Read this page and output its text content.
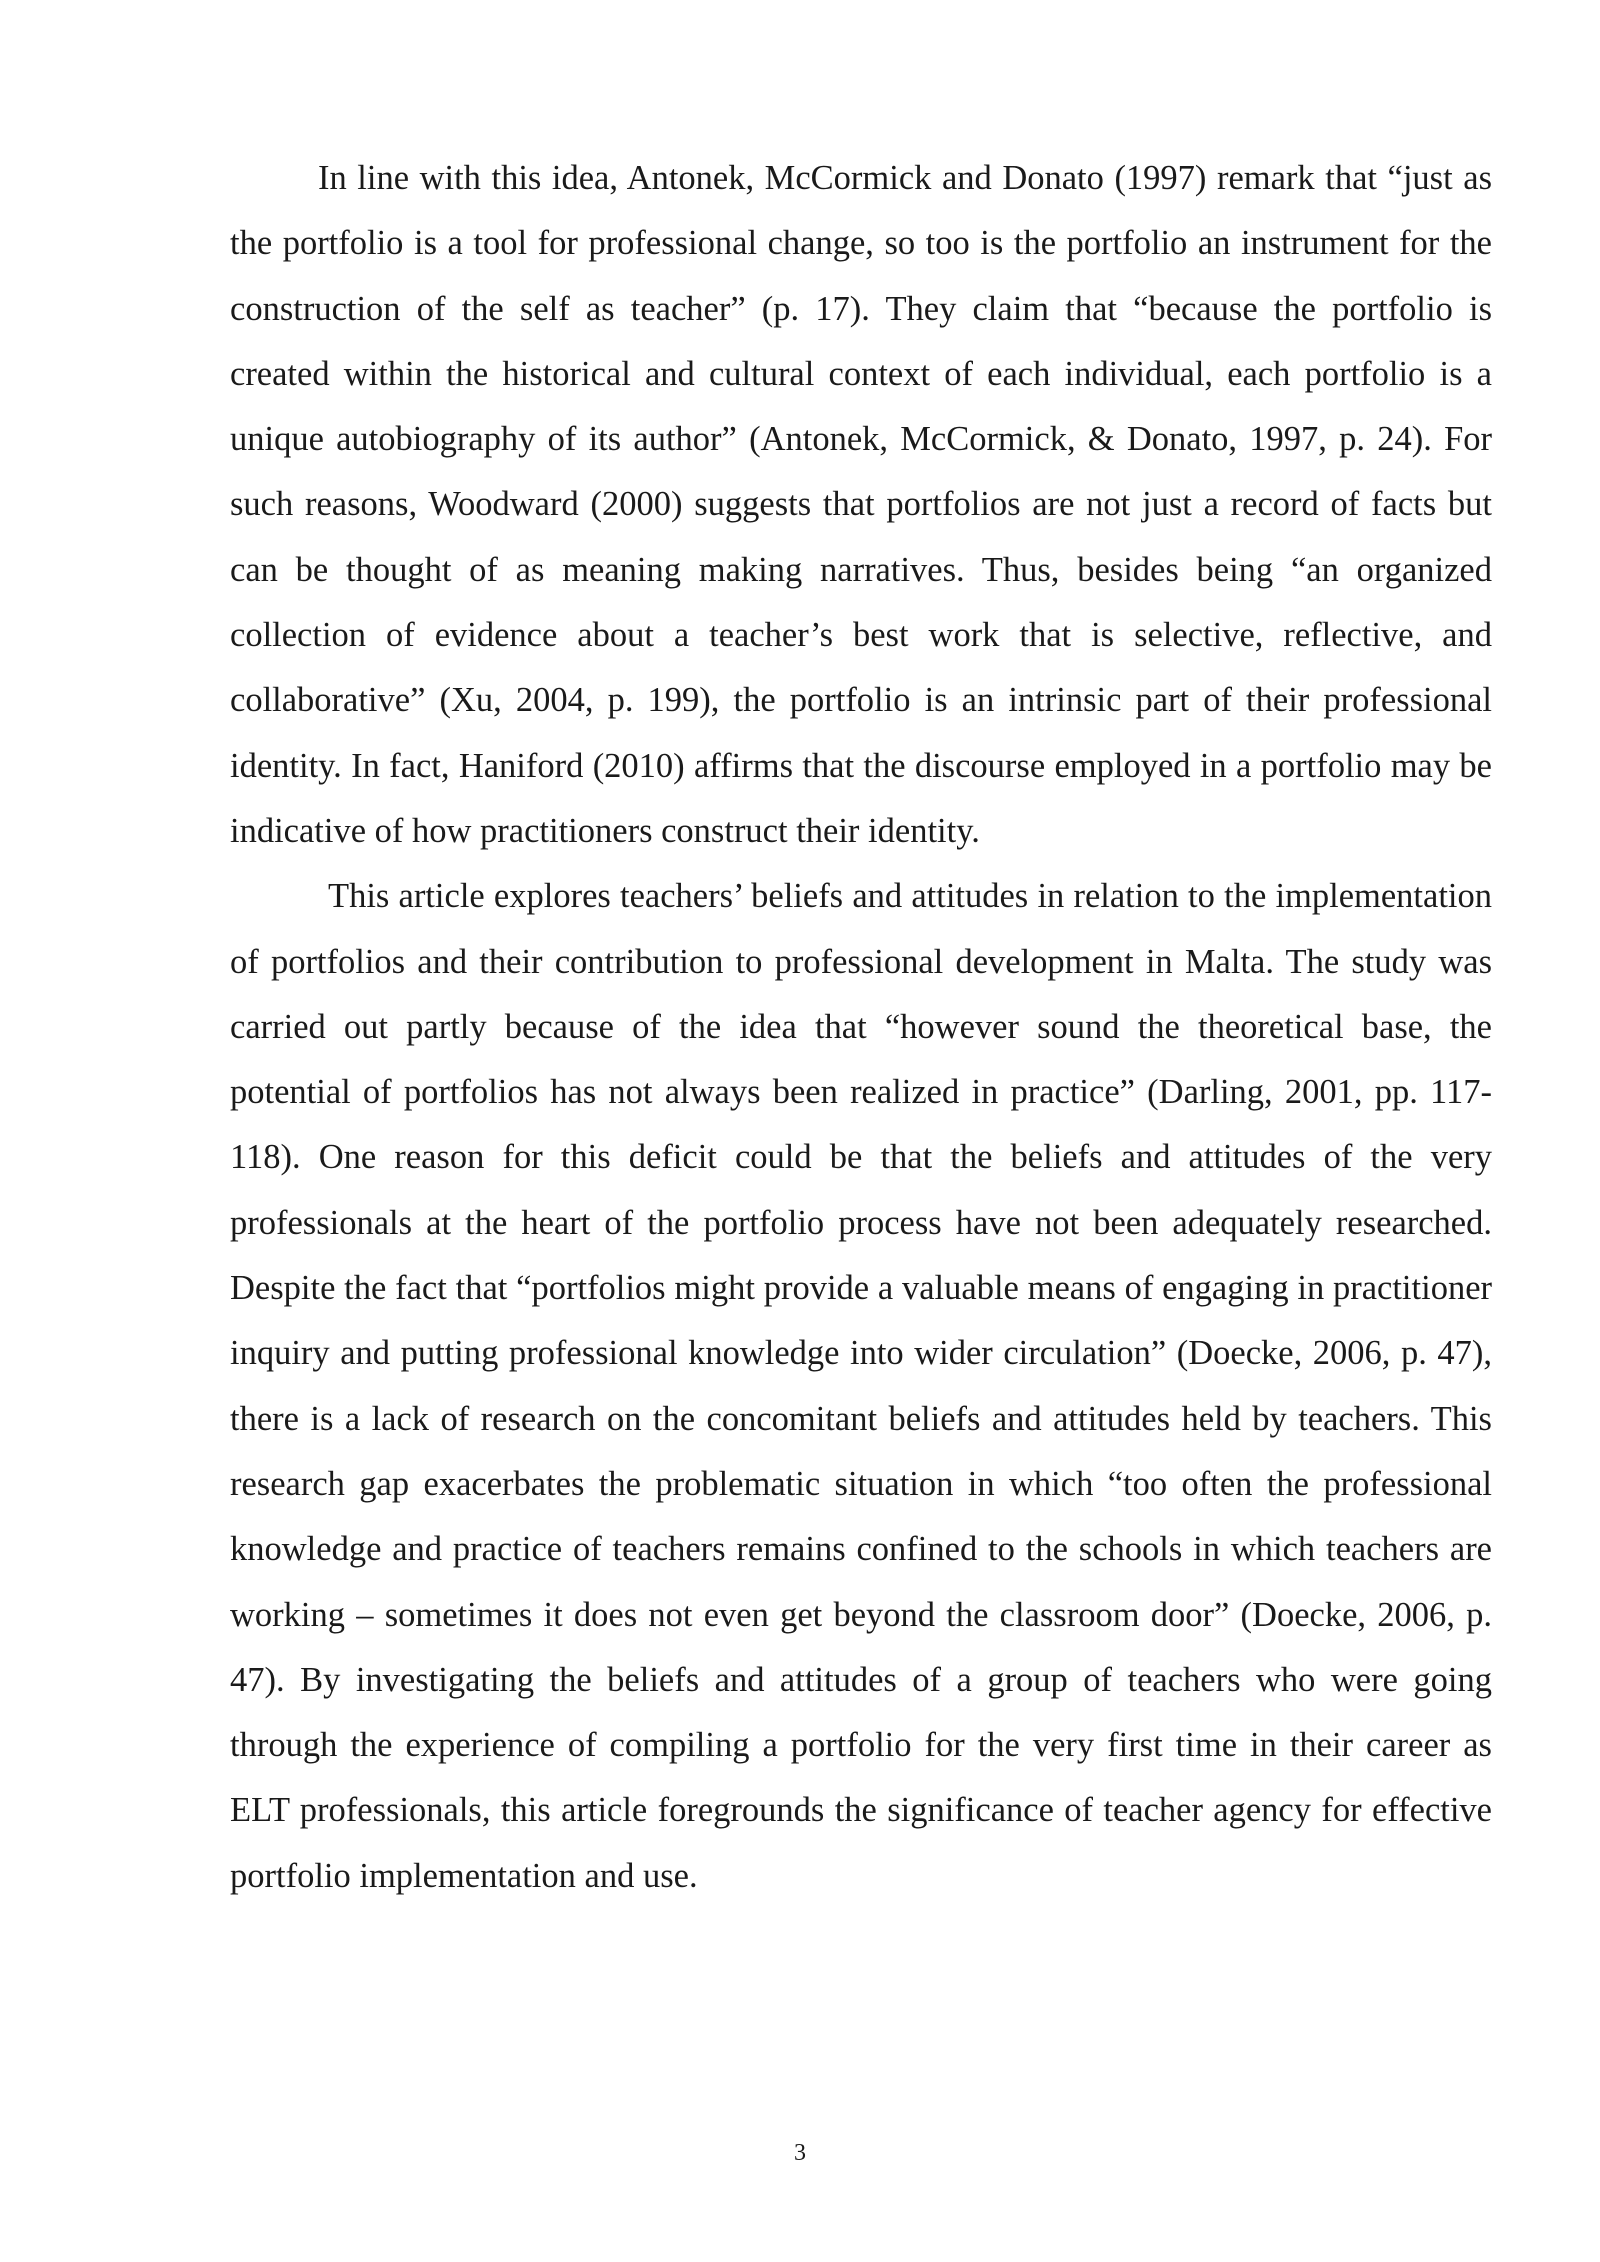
In line with this idea, Antonek, McCormick and Donato (1997) remark that “just as the portfolio is a tool for professional change, so too is the portfolio an instrument for the construction of the self as teacher” (p. 17). They claim that “because the portfolio is created within the historical and cultural context of each individual, each portfolio is a unique autobiography of its author” (Antonek, McCormick, & Donato, 1997, p. 24). For such reasons, Woodward (2000) suggests that portfolios are not just a record of facts but can be thought of as meaning making narratives. Thus, besides being “an organized collection of evidence about a teacher’s best work that is selective, reflective, and collaborative” (Xu, 2004, p. 199), the portfolio is an intrinsic part of their professional identity. In fact, Haniford (2010) affirms that the discourse employed in a portfolio may be indicative of how practitioners construct their identity.

This article explores teachers’ beliefs and attitudes in relation to the implementation of portfolios and their contribution to professional development in Malta. The study was carried out partly because of the idea that “however sound the theoretical base, the potential of portfolios has not always been realized in practice” (Darling, 2001, pp. 117-118). One reason for this deficit could be that the beliefs and attitudes of the very professionals at the heart of the portfolio process have not been adequately researched. Despite the fact that “portfolios might provide a valuable means of engaging in practitioner inquiry and putting professional knowledge into wider circulation” (Doecke, 2006, p. 47), there is a lack of research on the concomitant beliefs and attitudes held by teachers. This research gap exacerbates the problematic situation in which “too often the professional knowledge and practice of teachers remains confined to the schools in which teachers are working – sometimes it does not even get beyond the classroom door” (Doecke, 2006, p. 47). By investigating the beliefs and attitudes of a group of teachers who were going through the experience of compiling a portfolio for the very first time in their career as ELT professionals, this article foregrounds the significance of teacher agency for effective portfolio implementation and use.

3
